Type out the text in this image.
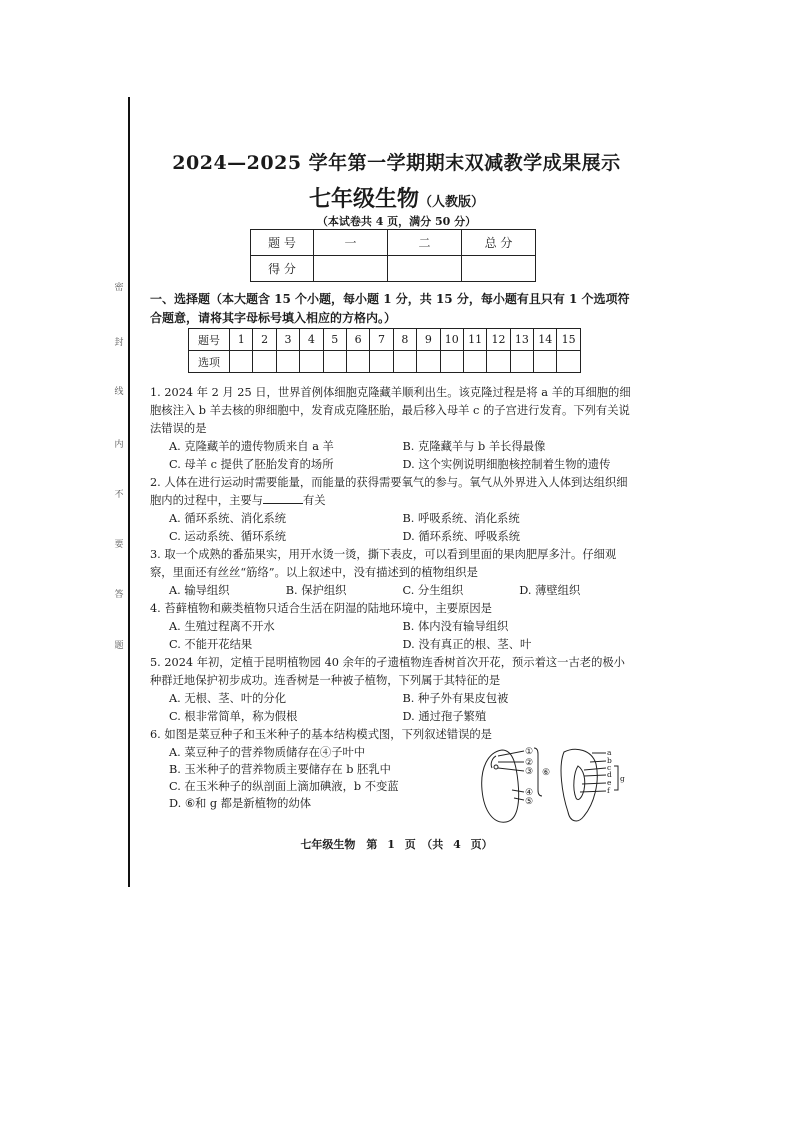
密
封
线
内
不
要
答
题
2024—2025 学年第一学期期末双减教学成果展示
七年级生物（人教版）
（本试卷共 4 页，满分 50 分）
题 号	一	二	总 分
得 分			
一、选择题（本大题含 15 个小题，每小题 1 分，共 15 分，每小题有且只有 1 个选项符合题意，请将其字母标号填入相应的方格内。）
题号	1	2	3	4	5	6	7	8	9	10	11	12	13	14	15
选项															
1. 2024 年 2 月 25 日，世界首例体细胞克隆藏羊顺利出生。该克隆过程是将 a 羊的耳细胞的细胞核注入 b 羊去核的卵细胞中，发育成克隆胚胎，最后移入母羊 c 的子宫进行发育。下列有关说法错误的是
A. 克隆藏羊的遗传物质来自 a 羊	B. 克隆藏羊与 b 羊长得最像
C. 母羊 c 提供了胚胎发育的场所	D. 这个实例说明细胞核控制着生物的遗传
2. 人体在进行运动时需要能量，而能量的获得需要氧气的参与。氧气从外界进入人体到达组织细胞内的过程中，主要与	有关
A. 循环系统、消化系统	B. 呼吸系统、消化系统
C. 运动系统、循环系统	D. 循环系统、呼吸系统
3. 取一个成熟的番茄果实，用开水烫一烫，撕下表皮，可以看到里面的果肉肥厚多汁。仔细观察，里面还有丝丝“筋络”。以上叙述中，没有描述到的植物组织是
A. 输导组织	B. 保护组织	C. 分生组织	D. 薄壁组织
4. 苔藓植物和蕨类植物只适合生活在阴湿的陆地环境中，主要原因是
A. 生殖过程离不开水	B. 体内没有输导组织
C. 不能开花结果	D. 没有真正的根、茎、叶
5. 2024 年初，定植于昆明植物园 40 余年的孑遗植物连香树首次开花，预示着这一古老的极小种群迁地保护初步成功。连香树是一种被子植物，下列属于其特征的是
A. 无根、茎、叶的分化	B. 种子外有果皮包被
C. 根非常简单，称为假根	D. 通过孢子繁殖
6. 如图是菜豆种子和玉米种子的基本结构模式图，下列叙述错误的是
A. 菜豆种子的营养物质储存在④子叶中
B. 玉米种子的营养物质主要储存在 b 胚乳中
C. 在玉米种子的纵剖面上滴加碘液，b 不变蓝
D. ⑥和 g 都是新植物的幼体
①
②
③
④
⑤
⑥
a
b
c
d
e
f
g
七年级生物　第 1 页　（共 4 页）
